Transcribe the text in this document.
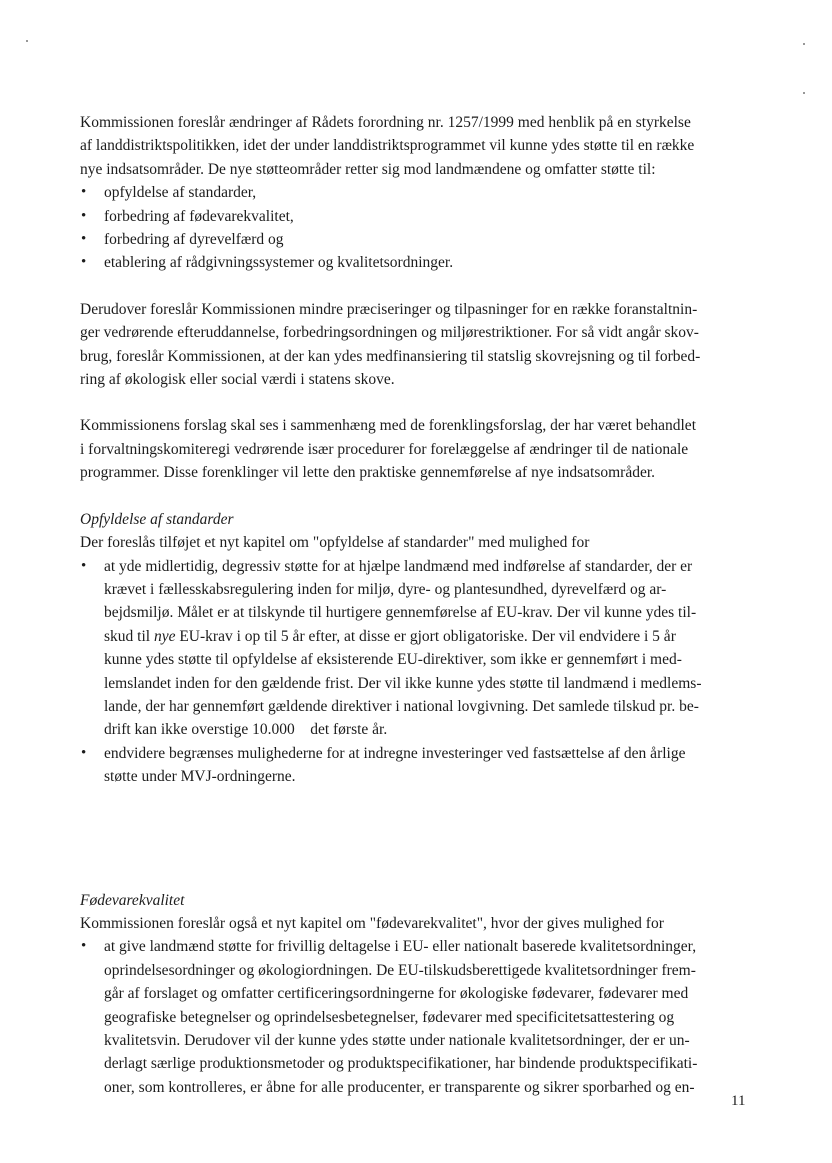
Kommissionen foreslår ændringer af Rådets forordning nr. 1257/1999 med henblik på en styrkelse
af landdistriktspolitikken, idet der under landdistriktsprogrammet vil kunne ydes støtte til en række
nye indsatsområder. De nye støtteområder retter sig mod landmændene og omfatter støtte til:

• opfyldelse af standarder,
• forbedring af fødevarekvalitet,
• forbedring af dyrevelfærd og
• etablering af rådgivningssystemer og kvalitetsordninger.

Derudover foreslår Kommissionen mindre præciseringer og tilpasninger for en række foranstaltnin-
ger vedrørende efteruddannelse, forbedringsordningen og miljørestriktioner. For så vidt angår skov-
brug, foreslår Kommissionen, at der kan ydes medfinansiering til statslig skovrejsning og til forbed-
ring af økologisk eller social værdi i statens skove.

Kommissionens forslag skal ses i sammenhæng med de forenklingsforslag, der har været behandlet
i forvaltningskomiteregi vedrørende især procedurer for forelæggelse af ændringer til de nationale
programmer. Disse forenklinger vil lette den praktiske gennemførelse af nye indsatsområder.

Opfyldelse af standarder

Der foreslås tilføjet et nyt kapitel om "opfyldelse af standarder" med mulighed for

• at yde midlertidig, degressiv støtte for at hjælpe landmænd med indførelse af standarder, der er
krævet i fællesskabsregulering inden for miljø, dyre- og plantesundhed, dyrevelfærd og ar-
bejdsmiljø. Målet er at tilskynde til hurtigere gennemførelse af EU-krav. Der vil kunne ydes til-
skud til nye EU-krav i op til 5 år efter, at disse er gjort obligatoriske. Der vil endvidere i 5 år
kunne ydes støtte til opfyldelse af eksisterende EU-direktiver, som ikke er gennemført i med-
lemslandet inden for den gældende frist. Der vil ikke kunne ydes støtte til landmænd i medlems-
lande, der har gennemført gældende direktiver i national lovgivning. Det samlede tilskud pr. be-
drift kan ikke overstige 10.000    det første år.
• endvidere begrænses mulighederne for at indregne investeringer ved fastsættelse af den årlige
støtte under MVJ-ordningerne.

Fødevarekvalitet

Kommissionen foreslår også et nyt kapitel om "fødevarekvalitet", hvor der gives mulighed for

• at give landmænd støtte for frivillig deltagelse i EU- eller nationalt baserede kvalitetsordninger,
oprindelsesordninger og økologiordningen. De EU-tilskudsberettigede kvalitetsordninger frem-
går af forslaget og omfatter certificeringsordningerne for økologiske fødevarer, fødevarer med
geografiske betegnelser og oprindelsesbetegnelser, fødevarer med specificitetsattestering og
kvalitetsvin. Derudover vil der kunne ydes støtte under nationale kvalitetsordninger, der er un-
derlagt særlige produktionsmetoder og produktspecifikationer, har bindende produktspecifikati-
oner, som kontrolleres, er åbne for alle producenter, er transparente og sikrer sporbarhed og en-
11
